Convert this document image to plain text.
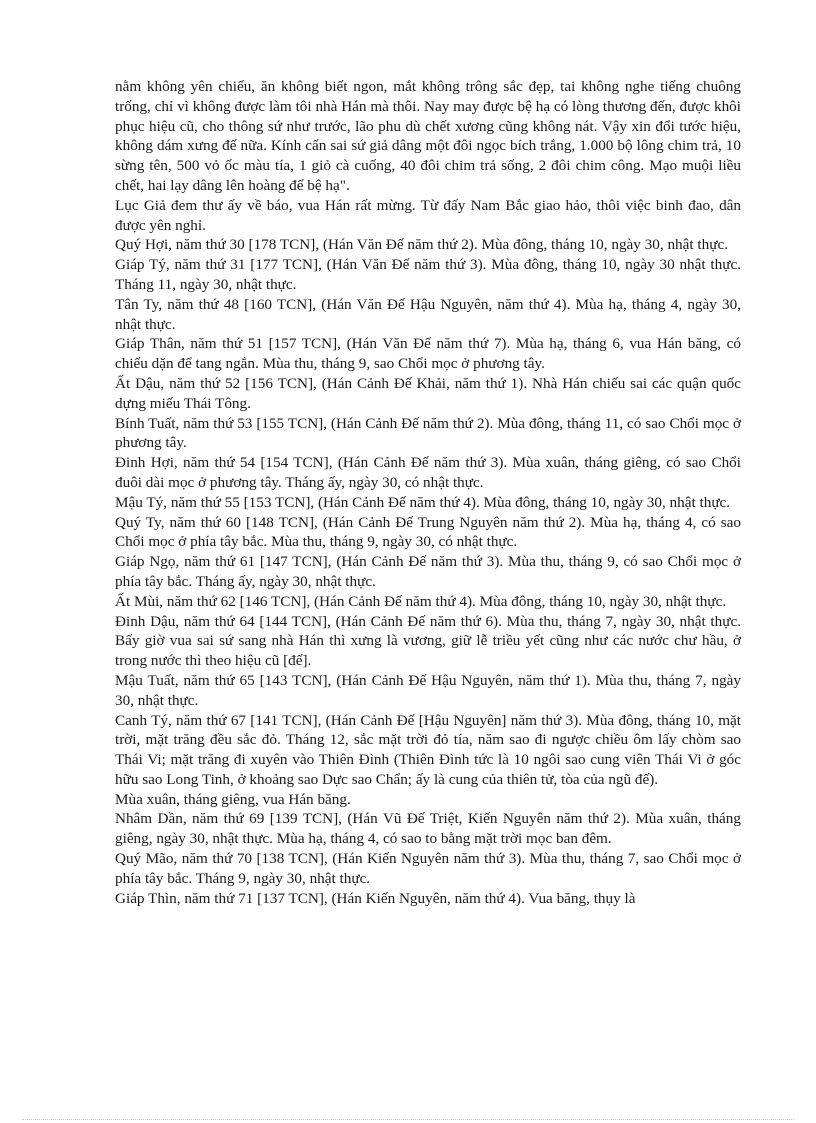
nằm không yên chiếu, ăn không biết ngon, mắt không trông sắc đẹp, tai không nghe tiếng chuông trống, chỉ vì không được làm tôi nhà Hán mà thôi. Nay may được bệ hạ có lòng thương đến, được khôi phục hiệu cũ, cho thông sứ như trước, lão phu dù chết xương cũng không nát. Vậy xin đổi tước hiệu, không dám xưng đế nữa. Kính cẩn sai sứ giả dâng một đôi ngọc bích trắng, 1.000 bộ lông chim trả, 10 sừng tên, 500 vỏ ốc màu tía, 1 giỏ cà cuống, 40 đôi chim trả sống, 2 đôi chim công. Mạo muội liều chết, hai lạy dâng lên hoàng đế bệ hạ".

Lục Giả đem thư ấy về báo, vua Hán rất mừng. Từ đấy Nam Bắc giao hảo, thôi việc binh đao, dân được yên nghỉ.

Quý Hợi, năm thứ 30 [178 TCN], (Hán Văn Đế năm thứ 2). Mùa đông, tháng 10, ngày 30, nhật thực.

Giáp Tý, năm thứ 31 [177 TCN], (Hán Văn Đế năm thứ 3). Mùa đông, tháng 10, ngày 30 nhật thực. Tháng 11, ngày 30, nhật thực.

Tân Ty, năm thứ 48 [160 TCN], (Hán Văn Đế Hậu Nguyên, năm thứ 4). Mùa hạ, tháng 4, ngày 30, nhật thực.

Giáp Thân, năm thứ 51 [157 TCN], (Hán Văn Đế năm thứ 7). Mùa hạ, tháng 6, vua Hán băng, có chiếu dặn để tang ngắn. Mùa thu, tháng 9, sao Chổi mọc ở phương tây.

Ất Dậu, năm thứ 52 [156 TCN], (Hán Cảnh Đế Khải, năm thứ 1). Nhà Hán chiếu sai các quận quốc dựng miếu Thái Tông.

Bính Tuất, năm thứ 53 [155 TCN], (Hán Cảnh Đế năm thứ 2). Mùa đông, tháng 11, có sao Chổi mọc ở phương tây.

Đinh Hợi, năm thứ 54 [154 TCN], (Hán Cảnh Đế năm thứ 3). Mùa xuân, tháng giêng, có sao Chổi đuôi dài mọc ở phương tây. Tháng ấy, ngày 30, có nhật thực.

Mậu Tý, năm thứ 55 [153 TCN], (Hán Cảnh Đế năm thứ 4). Mùa đông, tháng 10, ngày 30, nhật thực.

Quý Ty, năm thứ 60 [148 TCN], (Hán Cảnh Đế Trung Nguyên năm thứ 2). Mùa hạ, tháng 4, có sao Chổi mọc ở phía tây bắc. Mùa thu, tháng 9, ngày 30, có nhật thực.

Giáp Ngọ, năm thứ 61 [147 TCN], (Hán Cảnh Đế năm thứ 3). Mùa thu, tháng 9, có sao Chổi mọc ở phía tây bắc. Tháng ấy, ngày 30, nhật thực.

Ất Mùi, năm thứ 62 [146 TCN], (Hán Cảnh Đế năm thứ 4). Mùa đông, tháng 10, ngày 30, nhật thực.

Đinh Dậu, năm thứ 64 [144 TCN], (Hán Cảnh Đế năm thứ 6). Mùa thu, tháng 7, ngày 30, nhật thực. Bấy giờ vua sai sứ sang nhà Hán thì xưng là vương, giữ lễ triều yết cũng như các nước chư hầu, ở trong nước thì theo hiệu cũ [đế].

Mậu Tuất, năm thứ 65 [143 TCN], (Hán Cảnh Đế Hậu Nguyên, năm thứ 1). Mùa thu, tháng 7, ngày 30, nhật thực.

Canh Tý, năm thứ 67 [141 TCN], (Hán Cảnh Đế [Hậu Nguyên] năm thứ 3). Mùa đông, tháng 10, mặt trời, mặt trăng đều sắc đỏ. Tháng 12, sắc mặt trời đỏ tía, năm sao đi ngược chiều ôm lấy chòm sao Thái Vi; mặt trăng đi xuyên vào Thiên Đình (Thiên Đình tức là 10 ngôi sao cung viên Thái Vi ở góc hữu sao Long Tinh, ở khoảng sao Dực sao Chẩn; ấy là cung của thiên tử, tòa của ngũ đế).

Mùa xuân, tháng giêng, vua Hán băng.

Nhâm Dần, năm thứ 69 [139 TCN], (Hán Vũ Đế Triệt, Kiến Nguyên năm thứ 2). Mùa xuân, tháng giêng, ngày 30, nhật thực. Mùa hạ, tháng 4, có sao to bằng mặt trời mọc ban đêm.

Quý Mão, năm thứ 70 [138 TCN], (Hán Kiến Nguyên năm thứ 3). Mùa thu, tháng 7, sao Chổi mọc ở phía tây bắc. Tháng 9, ngày 30, nhật thực.

Giáp Thìn, năm thứ 71 [137 TCN], (Hán Kiến Nguyên, năm thứ 4). Vua băng, thụy là
